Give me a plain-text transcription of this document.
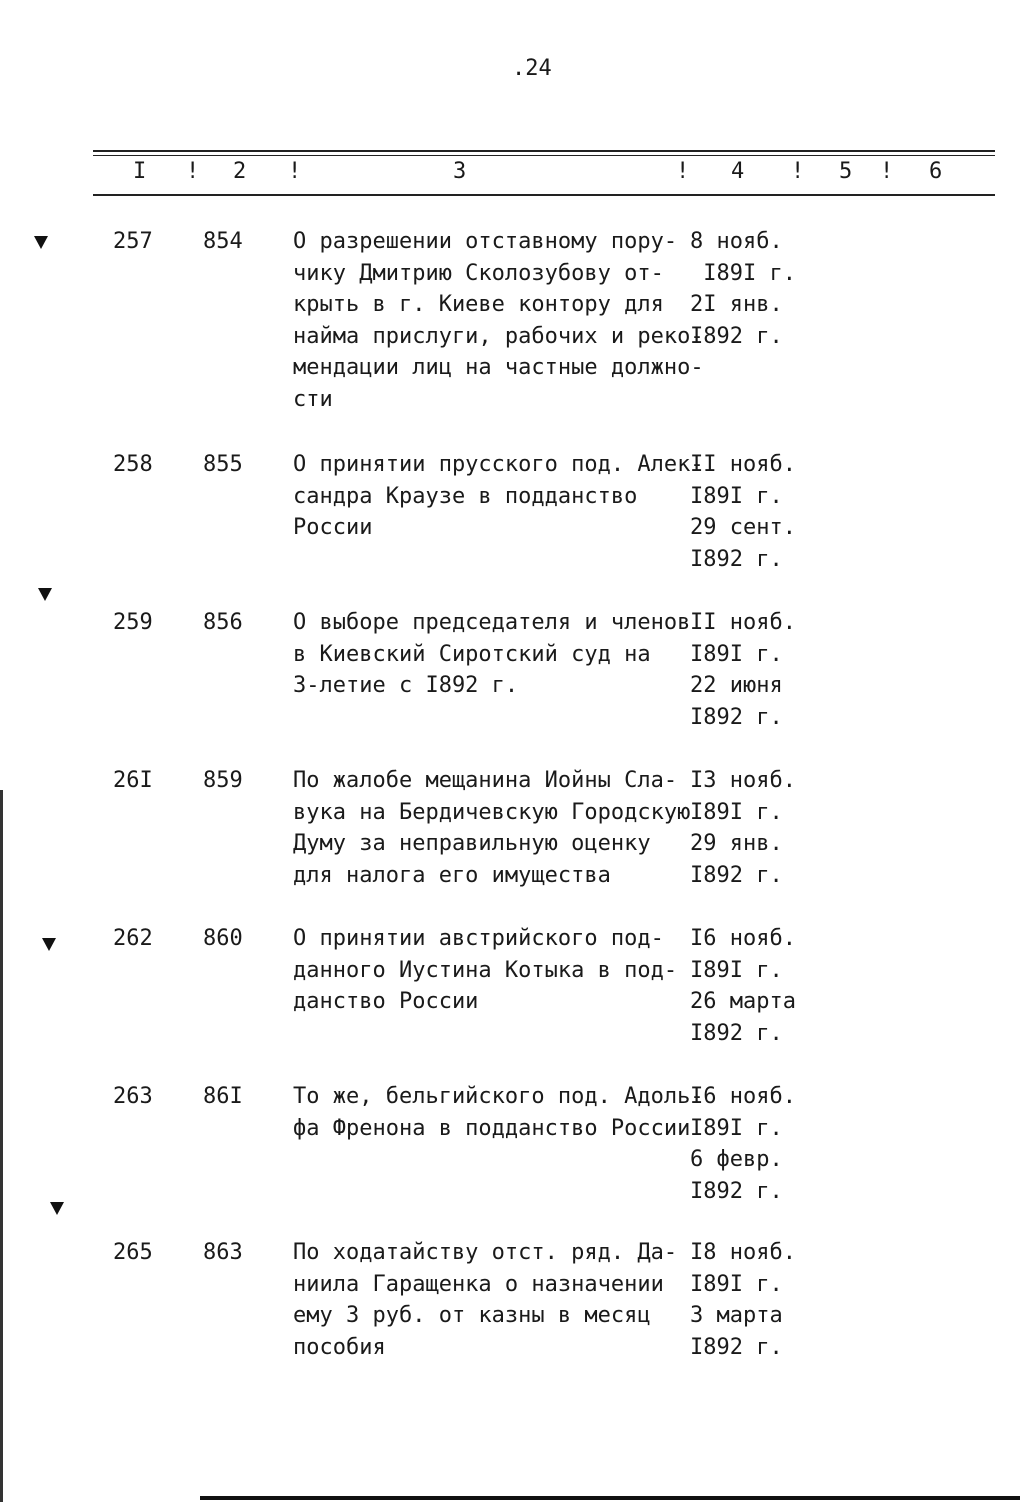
.24
I ! 2 !	3	! 4 ! 5 ! 6
257 854 О разрешении отставному пору-
чику Дмитрию Сколозубову от-
крыть в г. Киеве контору для
найма прислуги, рабочих и реко-
мендации лиц на частные должно-
сти
8 нояб.
I89I г.
2I янв.
I892 г.
258 855 О принятии прусского под. Алек-
сандра Краузе в подданство
России
II нояб.
I89I г.
29 сент.
I892 г.
259 856 О выборе председателя и членов
в Киевский Сиротский суд на
3-летие с I892 г.
II нояб.
I89I г.
22 июня
I892 г.
26I 859 По жалобе мещанина Иойны Сла-
вука на Бердичевскую Городскую
Думу за неправильную оценку
для налога его имущества
I3 нояб.
I89I г.
29 янв.
I892 г.
262 860 О принятии австрийского под-
данного Иустина Котыка в под-
данство России
I6 нояб.
I89I г.
26 марта
I892 г.
263 86I То же, бельгийского под. Адоль-
фа Френона в подданство России
I6 нояб.
I89I г.
6 февр.
I892 г.
265 863 По ходатайству отст. ряд. Да-
ниила Гаращенка о назначении
ему 3 руб. от казны в месяц
пособия
I8 нояб.
I89I г.
3 марта
I892 г.
